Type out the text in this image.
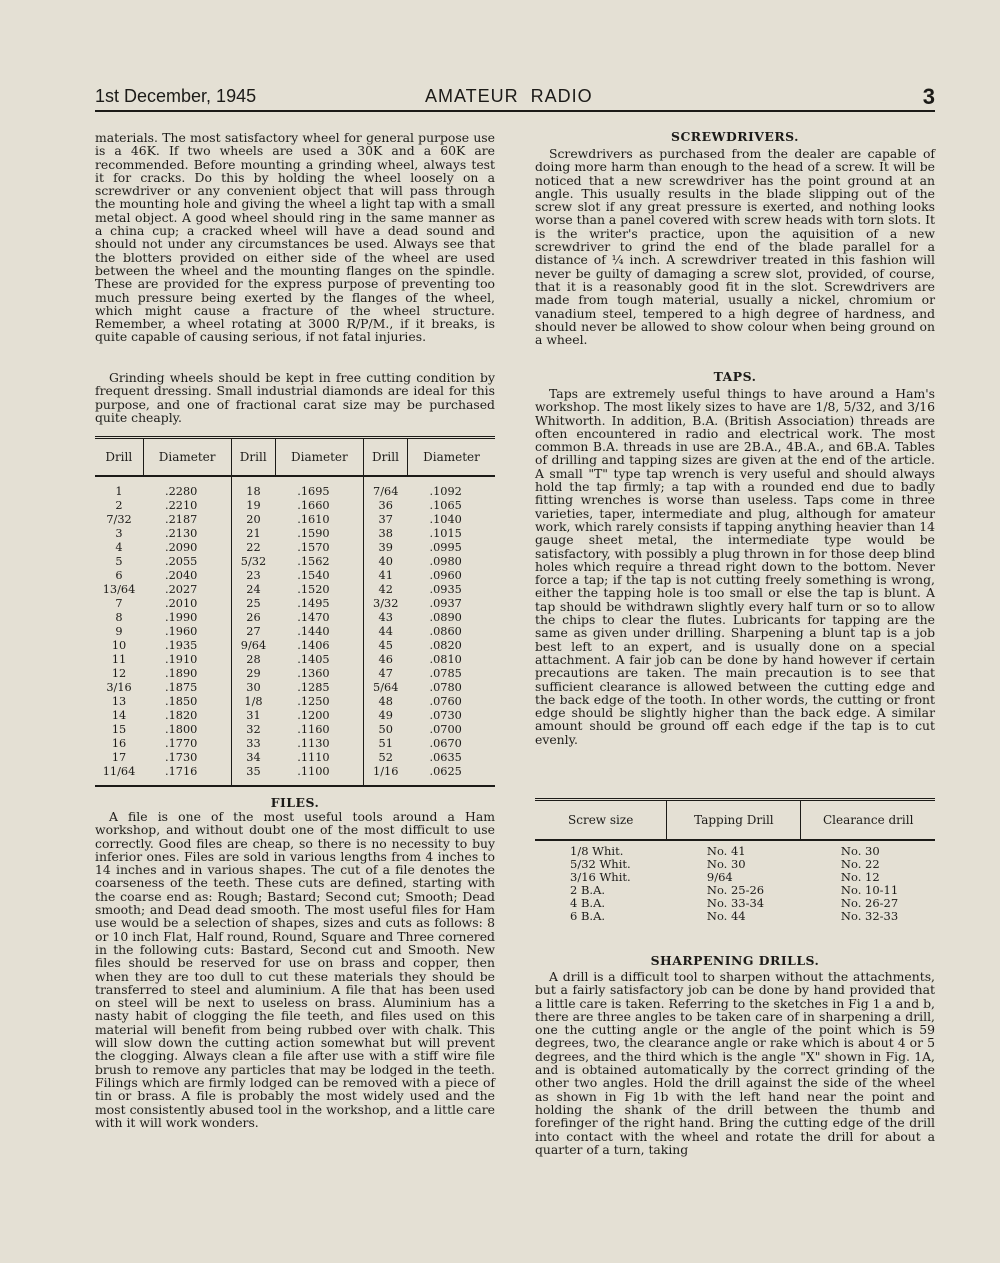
1st December, 1945	AMATEUR  RADIO	3

materials. The most satisfactory wheel for general purpose use is a 46K. If two wheels are used a 30K and a 60K are recommended. Before mounting a grinding wheel, always test it for cracks. Do this by holding the wheel loosely on a screwdriver or any convenient object that will pass through the mounting hole and giving the wheel a light tap with a small metal object. A good wheel should ring in the same manner as a china cup; a cracked wheel will have a dead sound and should not under any circumstances be used. Always see that the blotters provided on either side of the wheel are used between the wheel and the mounting flanges on the spindle. These are provided for the express purpose of preventing too much pressure being exerted by the flanges of the wheel, which might cause a fracture of the wheel structure. Remember, a wheel rotating at 3000 R/P/M., if it breaks, is quite capable of causing serious, if not fatal injuries.

Grinding wheels should be kept in free cutting condition by frequent dressing. Small industrial diamonds are ideal for this purpose, and one of fractional carat size may be purchased quite cheaply.

Drill	Diameter	Drill	Diameter	Drill	Diameter
1	.2280	18	.1695	7/64	.1092
2	.2210	19	.1660	36	.1065
7/32	.2187	20	.1610	37	.1040
3	.2130	21	.1590	38	.1015
4	.2090	22	.1570	39	.0995
5	.2055	5/32	.1562	40	.0980
6	.2040	23	.1540	41	.0960
13/64	.2027	24	.1520	42	.0935
7	.2010	25	.1495	3/32	.0937
8	.1990	26	.1470	43	.0890
9	.1960	27	.1440	44	.0860
10	.1935	9/64	.1406	45	.0820
11	.1910	28	.1405	46	.0810
12	.1890	29	.1360	47	.0785
3/16	.1875	30	.1285	5/64	.0780
13	.1850	1/8	.1250	48	.0760
14	.1820	31	.1200	49	.0730
15	.1800	32	.1160	50	.0700
16	.1770	33	.1130	51	.0670
17	.1730	34	.1110	52	.0635
11/64	.1716	35	.1100	1/16	.0625
FILES.

A file is one of the most useful tools around a Ham workshop, and without doubt one of the most difficult to use correctly. Good files are cheap, so there is no necessity to buy inferior ones. Files are sold in various lengths from 4 inches to 14 inches and in various shapes. The cut of a file denotes the coarseness of the teeth. These cuts are defined, starting with the coarse end as: Rough; Bastard; Second cut; Smooth; Dead smooth; and Dead dead smooth. The most useful files for Ham use would be a selection of shapes, sizes and cuts as follows: 8 or 10 inch Flat, Half round, Round, Square and Three cornered in the following cuts: Bastard, Second cut and Smooth. New files should be reserved for use on brass and copper, then when they are too dull to cut these materials they should be transferred to steel and aluminium. A file that has been used on steel will be next to useless on brass. Aluminium has a nasty habit of clogging the file teeth, and files used on this material will benefit from being rubbed over with chalk. This will slow down the cutting action somewhat but will prevent the clogging. Always clean a file after use with a stiff wire file brush to remove any particles that may be lodged in the teeth. Filings which are firmly lodged can be removed with a piece of tin or brass. A file is probably the most widely used and the most consistently abused tool in the workshop, and a little care with it will work wonders.

SCREWDRIVERS.

Screwdrivers as purchased from the dealer are capable of doing more harm than enough to the head of a screw. It will be noticed that a new screwdriver has the point ground at an angle. This usually results in the blade slipping out of the screw slot if any great pressure is exerted, and nothing looks worse than a panel covered with screw heads with torn slots. It is the writer's practice, upon the aquisition of a new screwdriver to grind the end of the blade parallel for a distance of ¼ inch. A screwdriver treated in this fashion will never be guilty of damaging a screw slot, provided, of course, that it is a reasonably good fit in the slot. Screwdrivers are made from tough material, usually a nickel, chromium or vanadium steel, tempered to a high degree of hardness, and should never be allowed to show colour when being ground on a wheel.

TAPS.

Taps are extremely useful things to have around a Ham's workshop. The most likely sizes to have are 1/8, 5/32, and 3/16 Whitworth. In addition, B.A. (British Association) threads are often encountered in radio and electrical work. The most common B.A. threads in use are 2B.A., 4B.A., and 6B.A. Tables of drilling and tapping sizes are given at the end of the article. A small "T" type tap wrench is very useful and should always hold the tap firmly; a tap with a rounded end due to badly fitting wrenches is worse than useless. Taps come in three varieties, taper, intermediate and plug, although for amateur work, which rarely consists if tapping anything heavier than 14 gauge sheet metal, the intermediate type would be satisfactory, with possibly a plug thrown in for those deep blind holes which require a thread right down to the bottom. Never force a tap; if the tap is not cutting freely something is wrong, either the tapping hole is too small or else the tap is blunt. A tap should be withdrawn slightly every half turn or so to allow the chips to clear the flutes. Lubricants for tapping are the same as given under drilling. Sharpening a blunt tap is a job best left to an expert, and is usually done on a special attachment. A fair job can be done by hand however if certain precautions are taken. The main precaution is to see that sufficient clearance is allowed between the cutting edge and the back edge of the tooth. In other words, the cutting or front edge should be slightly higher than the back edge. A similar amount should be ground off each edge if the tap is to cut evenly.

Screw size	Tapping Drill	Clearance drill
1/8 Whit.	No. 41	No. 30
5/32 Whit.	No. 30	No. 22
3/16 Whit.	9/64	No. 12
2 B.A.	No. 25-26	No. 10-11
4 B.A.	No. 33-34	No. 26-27
6 B.A.	No. 44	No. 32-33
SHARPENING DRILLS.

A drill is a difficult tool to sharpen without the attachments, but a fairly satisfactory job can be done by hand provided that a little care is taken. Referring to the sketches in Fig 1 a and b, there are three angles to be taken care of in sharpening a drill, one the cutting angle or the angle of the point which is 59 degrees, two, the clearance angle or rake which is about 4 or 5 degrees, and the third which is the angle "X" shown in Fig. 1A, and is obtained automatically by the correct grinding of the other two angles. Hold the drill against the side of the wheel as shown in Fig 1b with the left hand near the point and holding the shank of the drill between the thumb and forefinger of the right hand. Bring the cutting edge of the drill into contact with the wheel and rotate the drill for about a quarter of a turn, taking
